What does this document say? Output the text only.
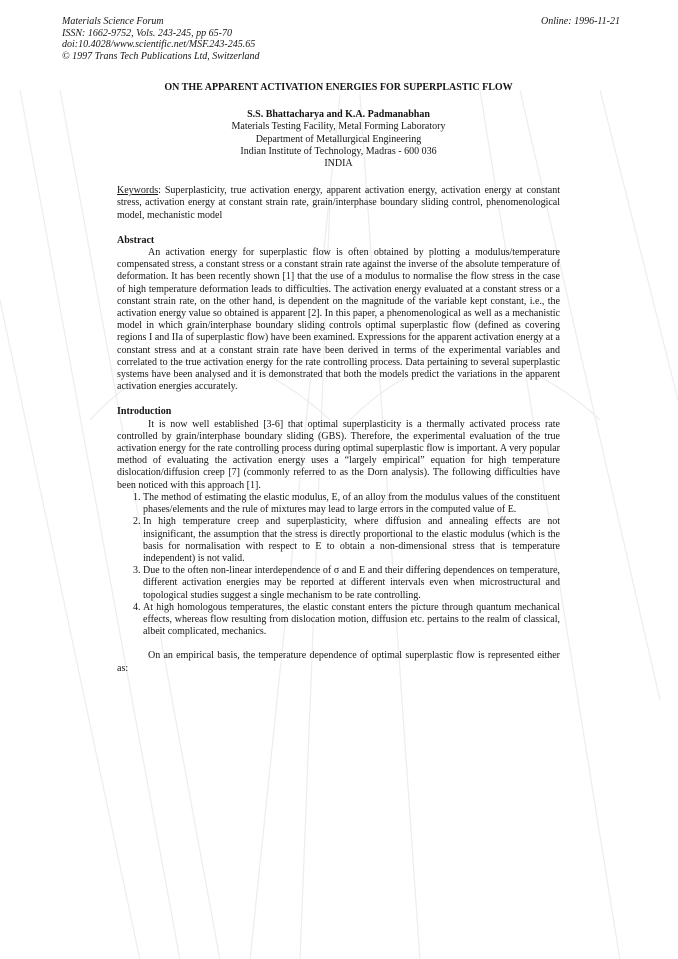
Materials Science Forum
ISSN: 1662-9752, Vols. 243-245, pp 65-70
doi:10.4028/www.scientific.net/MSF.243-245.65
© 1997 Trans Tech Publications Ltd, Switzerland
Online: 1996-11-21

ON THE APPARENT ACTIVATION ENERGIES FOR SUPERPLASTIC FLOW

S.S. Bhattacharya and K.A. Padmanabhan
Materials Testing Facility, Metal Forming Laboratory
Department of Metallurgical Engineering
Indian Institute of Technology, Madras - 600 036
INDIA
Keywords: Superplasticity, true activation energy, apparent activation energy, activation energy at constant stress, activation energy at constant strain rate, grain/interphase boundary sliding control, phenomenological model, mechanistic model
Abstract

An activation energy for superplastic flow is often obtained by plotting a modulus/temperature compensated stress, a constant stress or a constant strain rate against the inverse of the absolute temperature of deformation. It has been recently shown [1] that the use of a modulus to normalise the flow stress in the case of high temperature deformation leads to difficulties. The activation energy evaluated at a constant stress or a constant strain rate, on the other hand, is dependent on the magnitude of the variable kept constant, i.e., the activation energy value so obtained is apparent [2]. In this paper, a phenomenological as well as a mechanistic model in which grain/interphase boundary sliding controls optimal superplastic flow (defined as covering regions I and IIa of superplastic flow) have been examined. Expressions for the apparent activation energy at a constant stress and at a constant strain rate have been derived in terms of the experimental variables and correlated to the true activation energy for the rate controlling process. Data pertaining to several superplastic systems have been analysed and it is demonstrated that both the models predict the variations in the apparent activation energies accurately.

Introduction

It is now well established [3-6] that optimal superplasticity is a thermally activated process rate controlled by grain/interphase boundary sliding (GBS). Therefore, the experimental evaluation of the true activation energy for the rate controlling process during optimal superplastic flow is important. A very popular method of evaluating the activation energy uses a “largely empirical” equation for high temperature dislocation/diffusion creep [7] (commonly referred to as the Dorn analysis). The following difficulties have been noticed with this approach [1].

1. The method of estimating the elastic modulus, E, of an alloy from the modulus values of the constituent phases/elements and the rule of mixtures may lead to large errors in the computed value of E.
2. In high temperature creep and superplasticity, where diffusion and annealing effects are not insignificant, the assumption that the stress is directly proportional to the elastic modulus (which is the basis for normalisation with respect to E to obtain a non-dimensional stress that is temperature independent) is not valid.
3. Due to the often non-linear interdependence of σ and E and their differing dependences on temperature, different activation energies may be reported at different intervals even when microstructural and topological studies suggest a single mechanism to be rate controlling.
4. At high homologous temperatures, the elastic constant enters the picture through quantum mechanical effects, whereas flow resulting from dislocation motion, diffusion etc. pertains to the realm of classical, albeit complicated, mechanics.

On an empirical basis, the temperature dependence of optimal superplastic flow is represented either as:
